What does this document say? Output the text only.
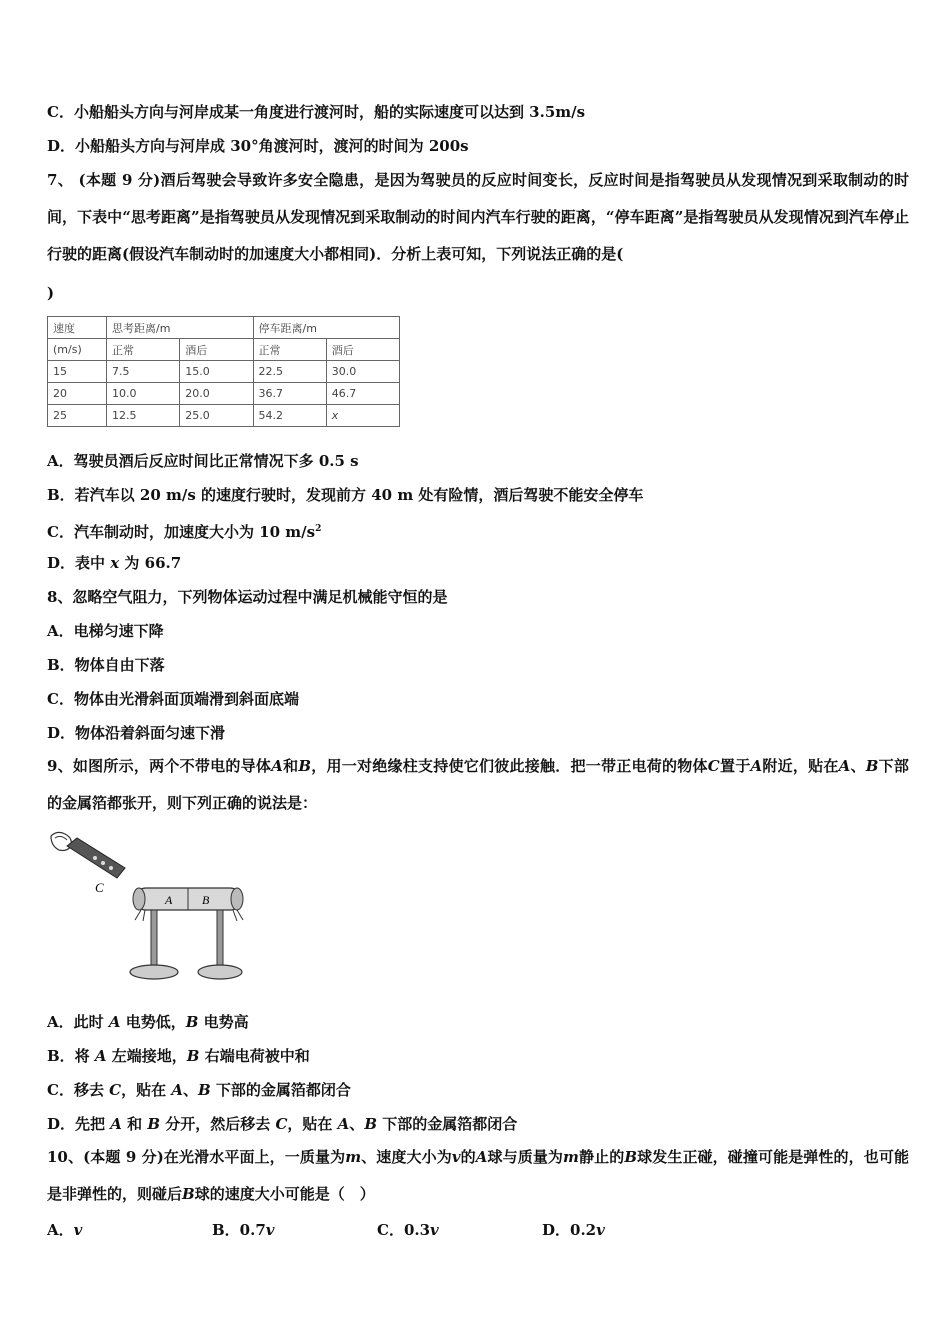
C．小船船头方向与河岸成某一角度进行渡河时，船的实际速度可以达到 3.5m/s
D．小船船头方向与河岸成 30°角渡河时，渡河的时间为 200s
7、 (本题 9 分)酒后驾驶会导致许多安全隐患，是因为驾驶员的反应时间变长，反应时间是指驾驶员从发现情况到采取制动的时间，下表中“思考距离”是指驾驶员从发现情况到采取制动的时间内汽车行驶的距离，“停车距离”是指驾驶员从发现情况到汽车停止行驶的距离(假设汽车制动时的加速度大小都相同)．分析上表可知，下列说法正确的是(
)
速度	思考距离/m		停车距离/m	
(m/s)	正常	酒后	正常	酒后
15	7.5	15.0	22.5	30.0
20	10.0	20.0	36.7	46.7
25	12.5	25.0	54.2	x
A．驾驶员酒后反应时间比正常情况下多 0.5 s
B．若汽车以 20 m/s 的速度行驶时，发现前方 40 m 处有险情，酒后驾驶不能安全停车
C．汽车制动时，加速度大小为 10 $m/s^2$
D．表中 x 为 66.7
8、忽略空气阻力，下列物体运动过程中满足机械能守恒的是
A．电梯匀速下降
B．物体自由下落
C．物体由光滑斜面顶端滑到斜面底端
D．物体沿着斜面匀速下滑
9、如图所示，两个不带电的导体A和B，用一对绝缘柱支持使它们彼此接触．把一带正电荷的物体C置于A附近，贴在A、B下部的金属箔都张开，则下列正确的说法是：
C
A B
A．此时 A 电势低，B 电势高
B．将 A 左端接地，B 右端电荷被中和
C．移去 C，贴在 A、B 下部的金属箔都闭合
D．先把 A 和 B 分开，然后移去 C，贴在 A、B 下部的金属箔都闭合
10、(本题 9 分)在光滑水平面上，一质量为m、速度大小为v的A球与质量为m静止的B球发生正碰，碰撞可能是弹性的，也可能是非弹性的，则碰后B球的速度大小可能是（　）
A．v	B．0.7v	C．0.3v	D．0.2v
